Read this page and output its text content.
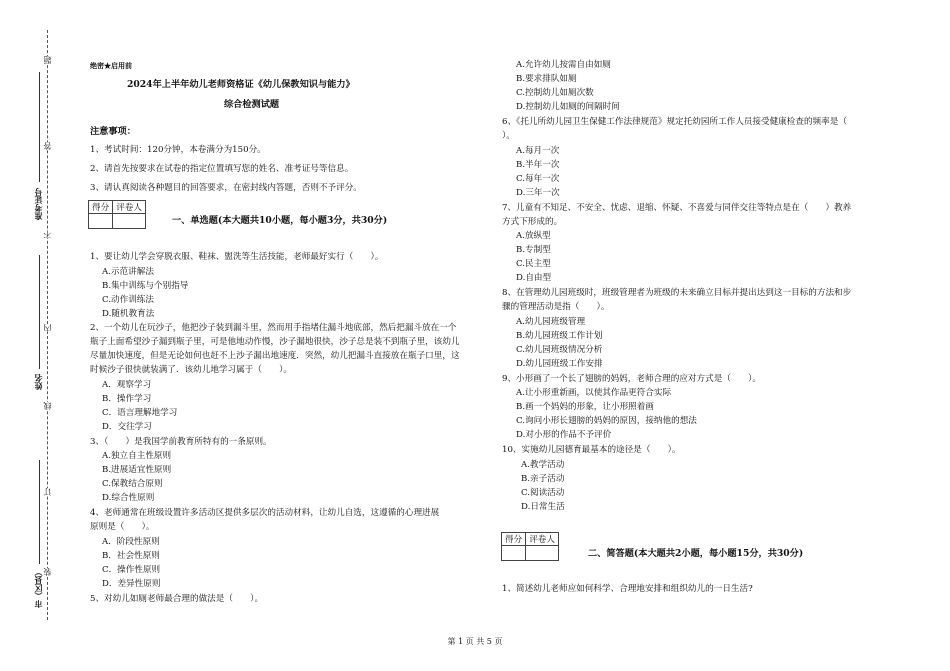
题
答
不
内
线
订
装
准考证号
姓名
市（区县）
绝密★启用前
2024年上半年幼儿老师资格证《幼儿保教知识与能力》
综合检测试题
注意事项：
1、考试时间：120分钟，本卷满分为150分。
2、请首先按要求在试卷的指定位置填写您的姓名、准考证号等信息。
3、请认真阅读各种题目的回答要求，在密封线内答题，否则不予评分。
得分	评卷人

一、单选题(本大题共10小题，每小题3分，共30分)
1、要让幼儿学会穿脱衣服、鞋袜、盥洗等生活技能，老师最好实行（　　）。
A.示范讲解法
B.集中训练与个别指导
C.动作训练法
D.随机教育法
2、一个幼儿在玩沙子，他把沙子装到漏斗里，然而用手指堵住漏斗地底部，然后把漏斗放在一个
瓶子上面希望沙子漏到瓶子里，可是他地动作慢，沙子漏地很快，沙子总是装不到瓶子里，该幼儿
尽量加快速度，但是无论如何也赶不上沙子漏出地速度．突然，幼儿把漏斗直接放在瓶子口里，这
时候沙子很快就装满了．该幼儿地学习属于（　　）。
A．观察学习
B．操作学习
C．语言理解地学习
D．交往学习
3、（　　）是我国学前教育所特有的一条原则。
A.独立自主性原则
B.进展适宜性原则
C.保教结合原则
D.综合性原则
4、老师通常在班级设置许多活动区提供多层次的活动材料，让幼儿自选，这遵循的心理进展
原则是（　　）。
A．阶段性原则
B．社会性原则
C．操作性原则
D．差异性原则
5、对幼儿如厕老师最合理的做法是（　　）。
A.允许幼儿按需自由如厕
B.要求排队如厕
C.控制幼儿如厕次数
D.控制幼儿如厕的间隔时间
6、《托儿所幼儿园卫生保健工作法律规范》规定托幼园所工作人员接受健康检查的频率是（
）。
A.每月一次
B.半年一次
C.每年一次
D.三年一次
7、儿童有不知足、不安全、忧虑、退缩、怀疑、不喜爱与同伴交往等特点是在（　　）教养
方式下形成的。
A.放纵型
B.专制型
C.民主型
D.自由型
8、在管理幼儿园班级时，班级管理者为班级的未来确立目标并提出达到这一目标的方法和步
骤的管理活动是指（　　）。
A.幼儿园班级管理
B.幼儿园班级工作计划
C.幼儿园班级情况分析
D.幼儿园班级工作安排
9、小形画了一个长了翅膀的妈妈，老师合理的应对方式是（　　）。
A.让小形重新画，以使其作品更符合实际
B.画一个妈妈的形象，让小形照着画
C.询问小形长翅膀的妈妈的原因，接纳他的想法
D.对小形的作品不予评价
10、实施幼儿园德育最基本的途径是（　　）。
A.教学活动
B.亲子活动
C.阅读活动
D.日常生活
得分	评卷人

二、简答题(本大题共2小题，每小题15分，共30分)
1、简述幼儿老师应如何科学、合理地安排和组织幼儿的一日生活?
第 1 页 共 5 页
